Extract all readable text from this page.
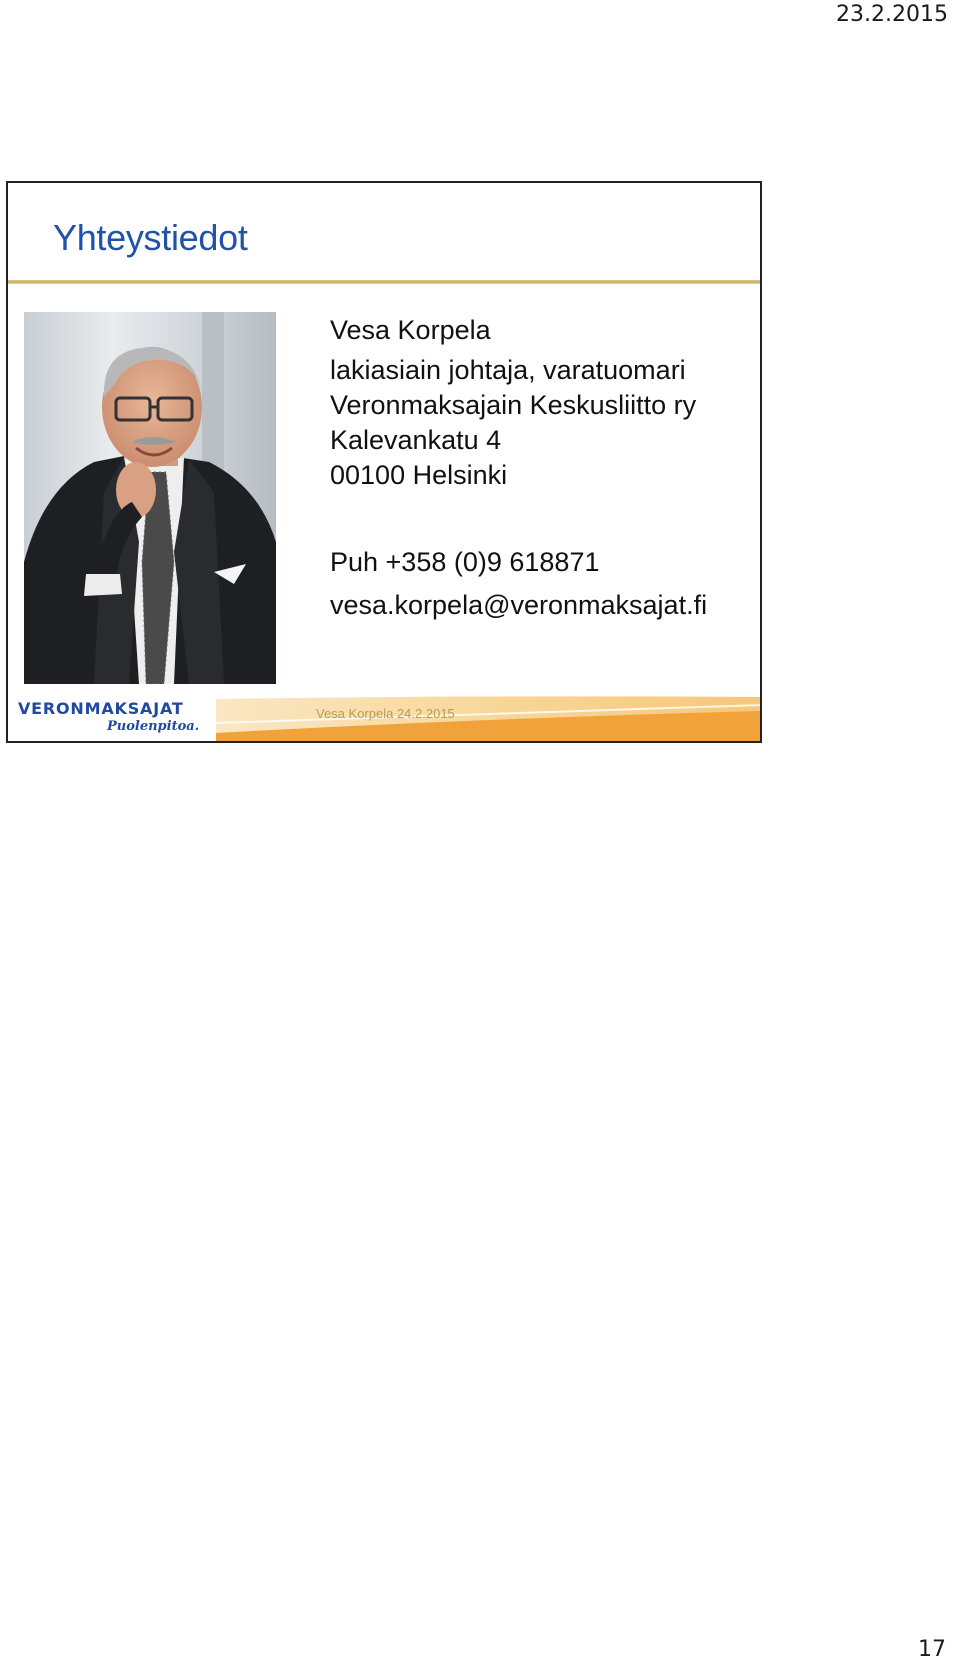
23.2.2015
Yhteystiedot
Vesa Korpela
lakiasiain johtaja, varatuomari
Veronmaksajain Keskusliitto ry
Kalevankatu 4
00100 Helsinki
Puh +358 (0)9 618871
vesa.korpela@veronmaksajat.fi
VERONMAKSAJAT
Puolenpitoa.
Vesa Korpela 24.2.2015
17
